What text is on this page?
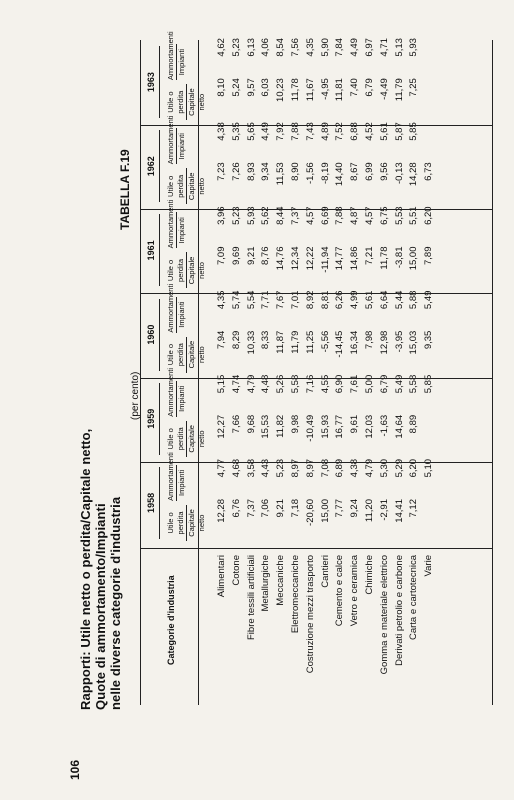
106
Rapporti: Utile netto o perdita/Capitale netto, Quote di ammortamento/Impianti nelle diverse categorie d'industria
(per cento)
TABELLA F.19
Categorie d'industria
1958
Utile o perdita Capitale netto
Ammortamenti Impianti
12,28 6,76 7,37 7,06 9,21 7,18 -20,60 15,00 7,77 9,24 11,20 -2,91 14,41 7,12
4,77 4,68 3,58 4,43 5,23 8,97 8,97 7,08 6,89 4,38 4,79 5,30 5,29 6,20 5,10
1959
Utile o perdita Capitale netto
Ammortamenti Impianti
12,27 7,66 9,68 15,53 11,82 9,98 -10,49 15,93 16,77 9,61 12,03 -1,63 14,64 8,89
5,15 4,74 4,79 4,48 5,26 5,58 7,16 4,55 6,90 7,61 5,00 6,79 5,49 5,58 5,85
1960
Utile o perdita Capitale netto
Ammortamenti Impianti
7,94 8,29 10,33 8,33 11,87 11,79 11,25 -5,56 -14,45 16,34 7,98 12,98 -3,95 15,03 9,35
4,35 5,74 5,54 7,71 7,67 7,01 8,92 8,81 6,26 4,99 5,61 6,64 5,44 5,88 5,49
1961
Utile o perdita Capitale netto
Ammortamenti Impianti
7,09 9,69 9,21 8,76 14,76 12,34 12,22 -11,94 14,77 14,86 7,21 11,78 -3,81 15,00 7,89
3,96 5,23 5,93 5,62 8,44 7,37 4,57 6,69 7,88 4,87 4,57 6,75 5,53 5,51 6,20
1962
Utile o perdita Capitale netto
Ammortamenti Impianti
7,23 7,26 8,93 9,34 11,53 8,90 -1,56 -8,19 14,40 8,67 6,99 9,56 -0,13 14,28 6,73
4,38 5,35 5,65 4,49 7,92 7,88 7,43 4,89 7,52 6,88 4,52 5,61 5,87 5,85
1963
Utile o perdita Capitale netto
Ammortamenti Impianti
8,10 5,24 9,57 6,03 10,23 11,78 11,67 -4,95 11,81 7,40 6,79 -4,49 11,79 7,25
4,62 5,23 6,13 4,06 8,54 7,56 4,35 5,90 7,84 4,49 6,97 4,71 5,13 5,93
Alimentari Cotone Fibre tessili artificiali Metallurgiche Meccaniche Elettromeccaniche Costruzione mezzi trasporto Cantieri Cemento e calce Vetro e ceramica Chimiche Gomma e materiale elettrico Derivati petrolio e carbone Carta e cartotecnica Varie
